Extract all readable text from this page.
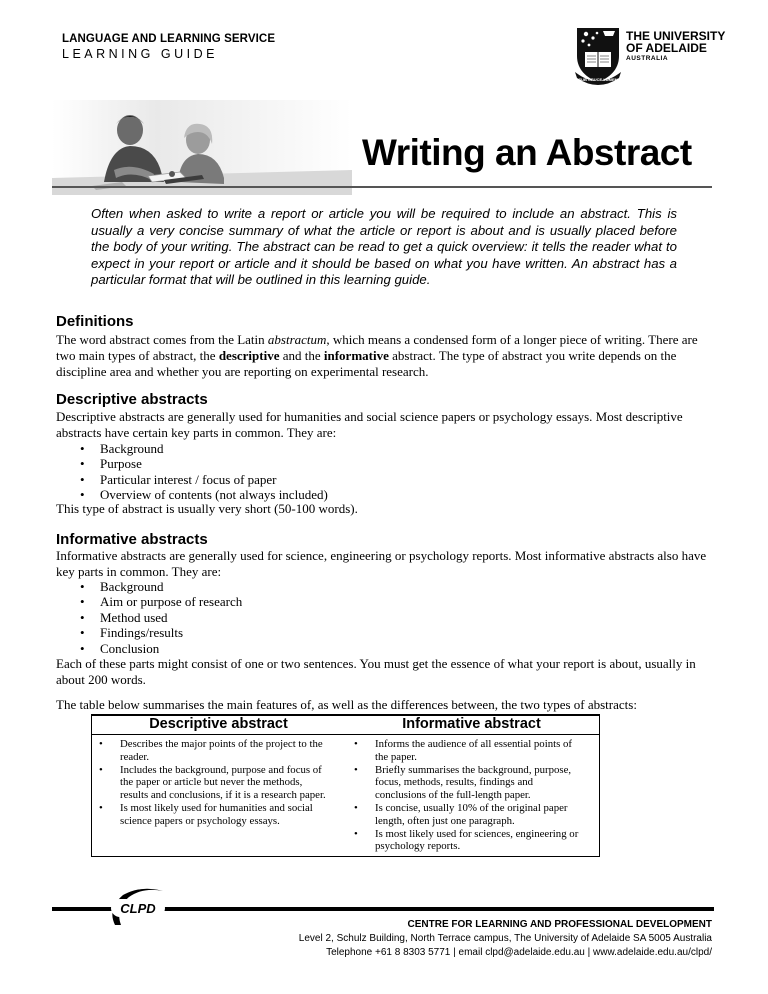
LANGUAGE AND LEARNING SERVICE
LEARNING GUIDE
SUB CRUCE LUMEN
THE UNIVERSITY
OF ADELAIDE
AUSTRALIA
Writing an Abstract
Often when asked to write a report or article you will be required to include an abstract. This is usually a very concise summary of what the article or report is about and is usually placed before the body of your writing. The abstract can be read to get a quick overview: it tells the reader what to expect in your report or article and it should be based on what you have written. An abstract has a particular format that will be outlined in this learning guide.
Definitions
The word abstract comes from the Latin abstractum, which means a condensed form of a longer piece of writing. There are two main types of abstract, the descriptive and the informative abstract. The type of abstract you write depends on the discipline area and whether you are reporting on experimental research.
Descriptive abstracts
Descriptive abstracts are generally used for humanities and social science papers or psychology essays. Most descriptive abstracts have certain key parts in common. They are:
• Background
• Purpose
• Particular interest / focus of paper
• Overview of contents (not always included)
This type of abstract is usually very short (50-100 words).
Informative abstracts
Informative abstracts are generally used for science, engineering or psychology reports. Most informative abstracts also have key parts in common. They are:
• Background
• Aim or purpose of research
• Method used
• Findings/results
• Conclusion
Each of these parts might consist of one or two sentences. You must get the essence of what your report is about, usually in about 200 words.
The table below summarises the main features of, as well as the differences between, the two types of abstracts:
Descriptive abstract	Informative abstract
• Describes the major points of the project to the reader.
• Includes the background, purpose and focus of the paper or article but never the methods, results and conclusions, if it is a research paper.
• Is most likely used for humanities and social science papers or psychology essays.
• Informs the audience of all essential points of the paper.
• Briefly summarises the background, purpose, focus, methods, results, findings and conclusions of the full-length paper.
• Is concise, usually 10% of the original paper length, often just one paragraph.
• Is most likely used for sciences, engineering or psychology reports.
CLPD
CENTRE FOR LEARNING AND PROFESSIONAL DEVELOPMENT
Level 2, Schulz Building, North Terrace campus, The University of Adelaide SA 5005 Australia
Telephone +61 8 8303 5771 | email clpd@adelaide.edu.au | www.adelaide.edu.au/clpd/
